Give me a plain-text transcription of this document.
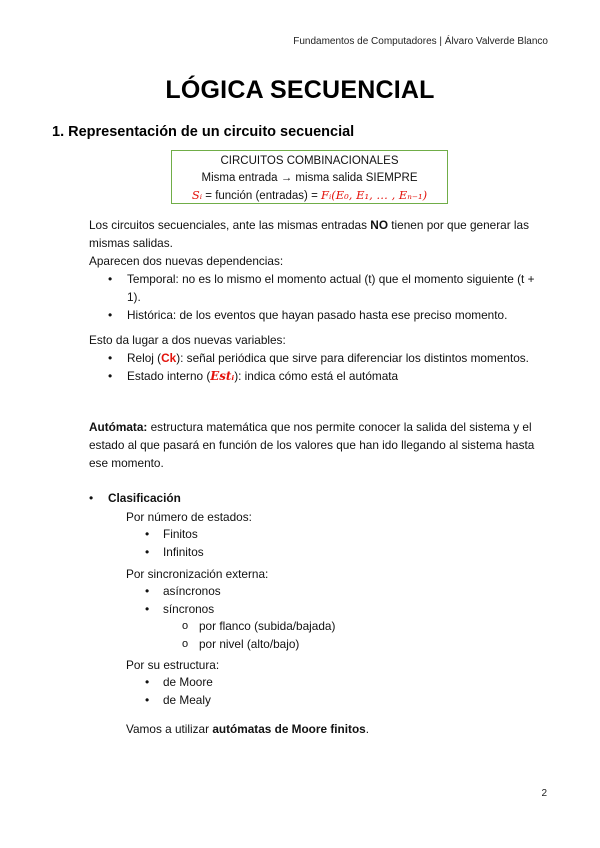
Fundamentos de Computadores | Álvaro Valverde Blanco
LÓGICA SECUENCIAL
1. Representación de un circuito secuencial
CIRCUITOS COMBINACIONALES
Misma entrada → misma salida SIEMPRE
Sᵢ = función (entradas) = Fᵢ(E₀, E₁, … , Eₙ₋₁)

Los circuitos secuenciales, ante las mismas entradas NO tienen por que generar las mismas salidas.

Aparecen dos nuevas dependencias:

• Temporal: no es lo mismo el momento actual (t) que el momento siguiente (t + 1).
• Histórica: de los eventos que hayan pasado hasta ese preciso momento.

Esto da lugar a dos nuevas variables:

• Reloj (Ck): señal periódica que sirve para diferenciar los distintos momentos.
• Estado interno (Estᵢ): indica cómo está el autómata

Autómata: estructura matemática que nos permite conocer la salida del sistema y el estado al que pasará en función de los valores que han ido llegando al sistema hasta ese momento.

• Clasificación
Por número de estados:
• Finitos
• Infinitos
Por sincronización externa:
• asíncronos
• síncronos
o por flanco (subida/bajada)
o por nivel (alto/bajo)
Por su estructura:
• de Moore
• de Mealy
Vamos a utilizar autómatas de Moore finitos.
2
